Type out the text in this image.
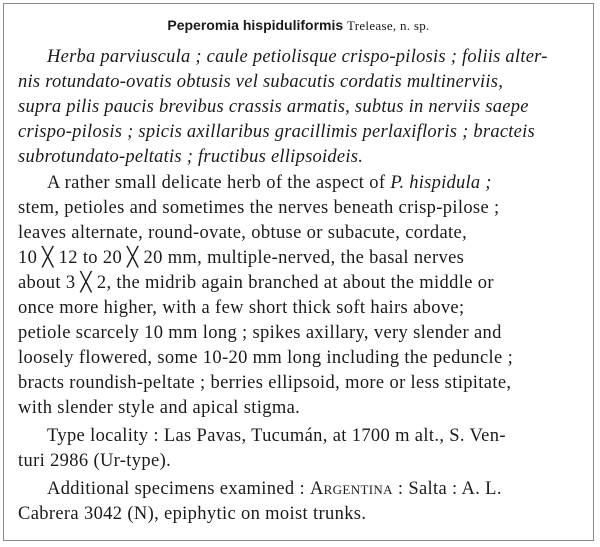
Peperomia hispiduliformis Trelease, n. sp.
Herba parviuscula ; caule petiolisque crispo-pilosis ; foliis alter-
nis rotundato-ovatis obtusis vel subacutis cordatis multinerviis,
supra pilis paucis brevibus crassis armatis, subtus in nerviis saepe
crispo-pilosis ; spicis axillaribus gracillimis perlaxifloris ; bracteis
subrotundato-peltatis ; fructibus ellipsoideis.
A rather small delicate herb of the aspect of P. hispidula ;
stem, petioles and sometimes the nerves beneath crisp-pilose ;
leaves alternate, round-ovate, obtuse or subacute, cordate,
10 ╳ 12 to 20 ╳ 20 mm, multiple-nerved, the basal nerves
about 3 ╳ 2, the midrib again branched at about the middle or
once more higher, with a few short thick soft hairs above;
petiole scarcely 10 mm long ; spikes axillary, very slender and
loosely flowered, some 10-20 mm long including the peduncle ;
bracts roundish-peltate ; berries ellipsoid, more or less stipitate,
with slender style and apical stigma.
Type locality : Las Pavas, Tucumán, at 1700 m alt., S. Ven-
turi 2986 (Ur-type).
Additional specimens examined : Argentina : Salta : A. L.
Cabrera 3042 (N), epiphytic on moist trunks.
